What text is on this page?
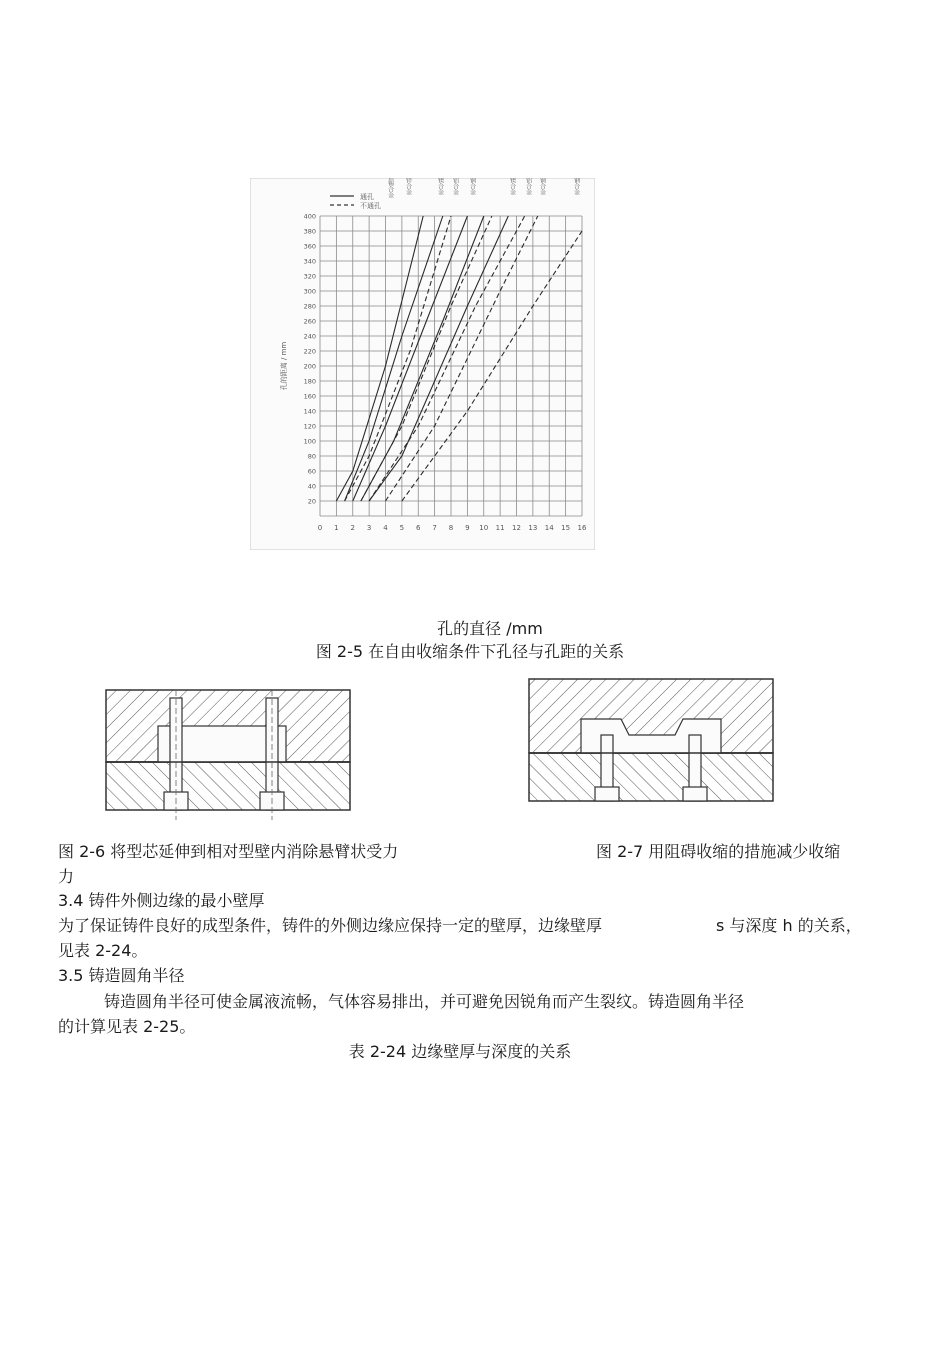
通孔
不通孔
铅锡合金 锌合金	镁合金 铝合金 铜合金	镁合金 铝合金 铜合金	钢合金
0 1 2 3 4 5 6 7 8 9 10 11 12 13 14 15 16
20
40
60
80
100
120
140
160
180
200
220
240
260
280
300
320
340
360
380
400
孔的距离 / mm
孔的直径 /mm
图 2-5 在自由收缩条件下孔径与孔距的关系
图 2-6 将型芯延伸到相对型壁内消除悬臂状受力	图 2-7 用阻碍收缩的措施减少收缩
力
3.4 铸件外侧边缘的最小壁厚
为了保证铸件良好的成型条件，铸件的外侧边缘应保持一定的壁厚，边缘壁厚	s 与深度 h 的关系，
见表 2-24。
3.5 铸造圆角半径
铸造圆角半径可使金属液流畅，气体容易排出，并可避免因锐角而产生裂纹。铸造圆角半径
的计算见表 2-25。
表 2-24 边缘壁厚与深度的关系
